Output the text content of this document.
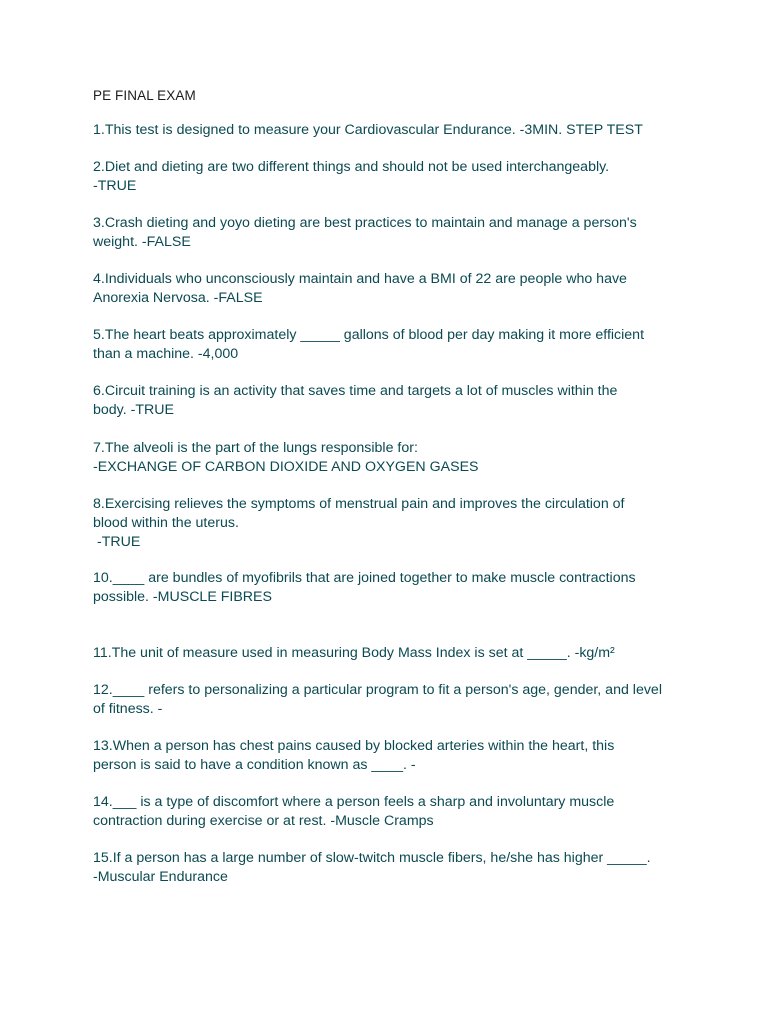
PE FINAL EXAM
1.This test is designed to measure your Cardiovascular Endurance. -3MIN. STEP TEST
2.Diet and dieting are two different things and should not be used interchangeably.
-TRUE
3.Crash dieting and yoyo dieting are best practices to maintain and manage a person's
weight. -FALSE
4.Individuals who unconsciously maintain and have a BMI of 22 are people who have
Anorexia Nervosa. -FALSE
5.The heart beats approximately _____ gallons of blood per day making it more efficient
than a machine. -4,000
6.Circuit training is an activity that saves time and targets a lot of muscles within the
body. -TRUE
7.The alveoli is the part of the lungs responsible for:
-EXCHANGE OF CARBON DIOXIDE AND OXYGEN GASES
8.Exercising relieves the symptoms of menstrual pain and improves the circulation of
blood within the uterus.
-TRUE
10.____ are bundles of myofibrils that are joined together to make muscle contractions
possible. -MUSCLE FIBRES
11.The unit of measure used in measuring Body Mass Index is set at _____. -kg/m²
12.____ refers to personalizing a particular program to fit a person's age, gender, and level
of fitness. -
13.When a person has chest pains caused by blocked arteries within the heart, this
person is said to have a condition known as ____. -
14.___ is a type of discomfort where a person feels a sharp and involuntary muscle
contraction during exercise or at rest. -Muscle Cramps
15.If a person has a large number of slow-twitch muscle fibers, he/she has higher _____.
-Muscular Endurance
